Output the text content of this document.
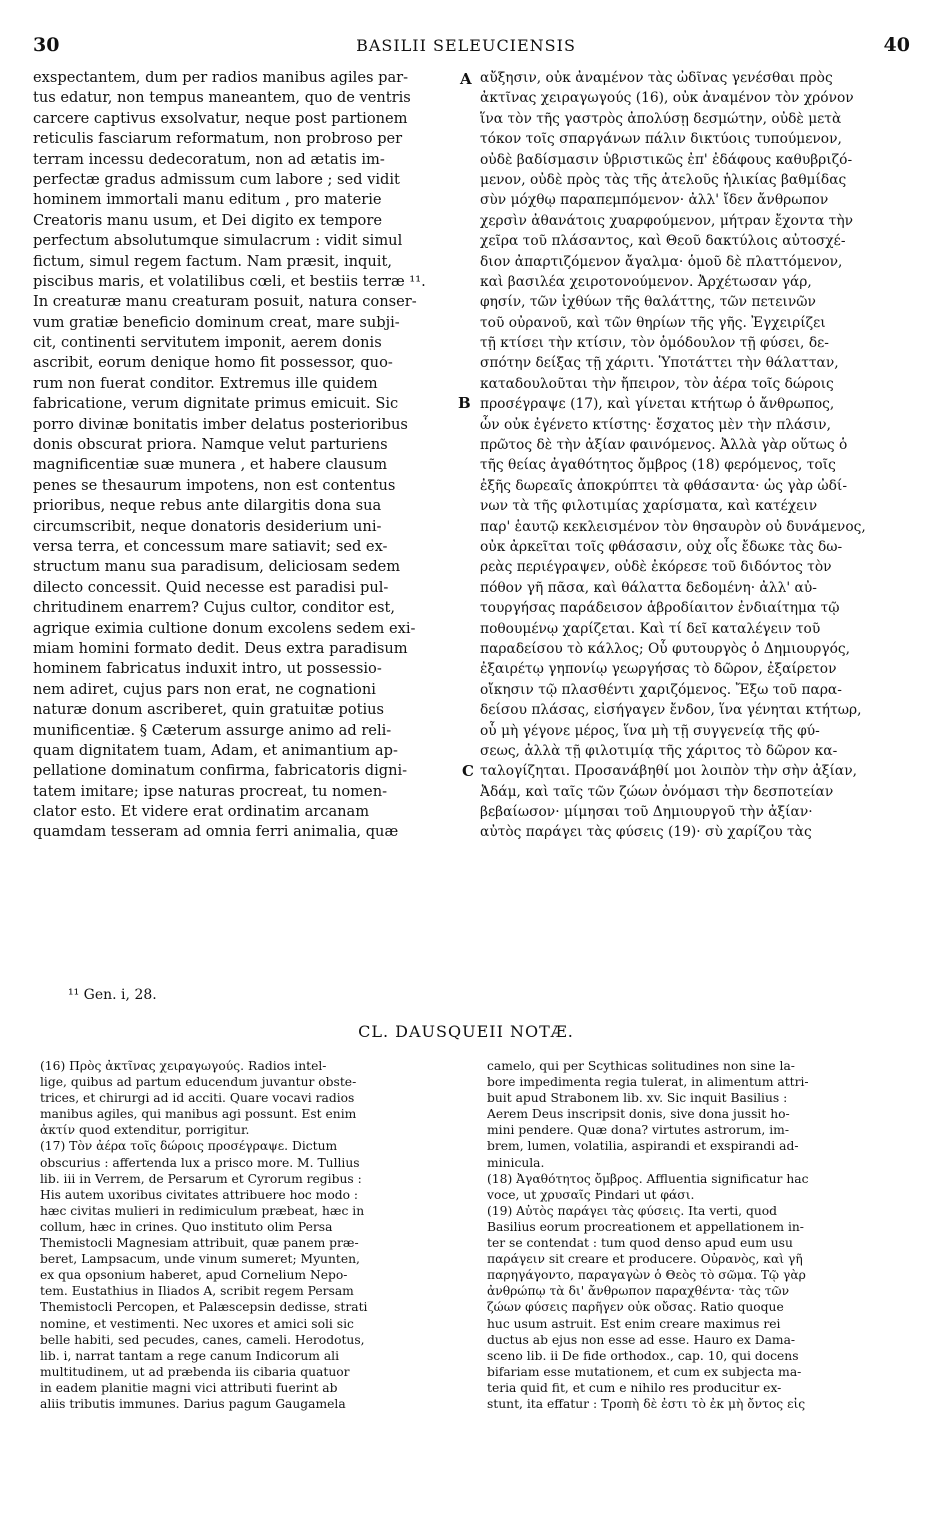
30	BASILII SELEUCIENSIS	40
exspectantem, dum per radios manibus agiles par-
tus edatur, non tempus maneantem, quo de ventris
carcere captivus exsolvatur, neque post partionem
reticulis fasciarum reformatum, non probroso per
terram incessu dedecoratum, non ad ætatis im-
perfectæ gradus admissum cum labore ; sed vidit
hominem immortali manu editum , pro materie
Creatoris manu usum, et Dei digito ex tempore
perfectum absolutumque simulacrum : vidit simul
fictum, simul regem factum. Nam præsit, inquit,
piscibus maris, et volatilibus cœli, et bestiis terræ ¹¹.
In creaturæ manu creaturam posuit, natura conser-
vum gratiæ beneficio dominum creat, mare subji-
cit, continenti servitutem imponit, aerem donis
ascribit, eorum denique homo fit possessor, quo-
rum non fuerat conditor. Extremus ille quidem
fabricatione, verum dignitate primus emicuit. Sic
porro divinæ bonitatis imber delatus posterioribus
donis obscurat priora. Namque velut parturiens
magnificentiæ suæ munera , et habere clausum
penes se thesaurum impotens, non est contentus
prioribus, neque rebus ante dilargitis dona sua
circumscribit, neque donatoris desiderium uni-
versa terra, et concessum mare satiavit; sed ex-
structum manu sua paradisum, deliciosam sedem
dilecto concessit. Quid necesse est paradisi pul-
chritudinem enarrem? Cujus cultor, conditor est,
agrique eximia cultione donum excolens sedem exi-
miam homini formato dedit. Deus extra paradisum
hominem fabricatus induxit intro, ut possessio-
nem adiret, cujus pars non erat, ne cognationi
naturæ donum ascriberet, quin gratuitæ potius
munificentiæ. § Cæterum assurge animo ad reli-
quam dignitatem tuam, Adam, et animantium ap-
pellatione dominatum confirma, fabricatoris digni-
tatem imitare; ipse naturas procreat, tu nomen-
clator esto. Et videre erat ordinatim arcanam
quamdam tesseram ad omnia ferri animalia, quæ
αὔξησιν, οὐκ ἀναμένον τὰς ὠδῖνας γενέσθαι πρὸς
ἀκτῖνας χειραγωγούς (16), οὐκ ἀναμένον τὸν χρόνον
ἵνα τὸν τῆς γαστρὸς ἀπολύσῃ δεσμώτην, οὐδὲ μετὰ
τόκον τοῖς σπαργάνων πάλιν δικτύοις τυπούμενον,
οὐδὲ βαδίσμασιν ὑβριστικῶς ἐπ' ἐδάφους καθυβριζό-
μενον, οὐδὲ πρὸς τὰς τῆς ἀτελοῦς ἡλικίας βαθμίδας
σὺν μόχθῳ παραπεμπόμενον· ἀλλ' ἴδεν ἄνθρωπον
χερσὶν ἀθανάτοις χυαρφούμενον, μήτραν ἔχοντα τὴν
χεῖρα τοῦ πλάσαντος, καὶ Θεοῦ δακτύλοις αὐτοσχέ-
διον ἀπαρτιζόμενον ἄγαλμα· ὁμοῦ δὲ πλαττόμενον,
καὶ βασιλέα χειροτονούμενον. Ἀρχέτωσαν γάρ,
φησίν, τῶν ἰχθύων τῆς θαλάττης, τῶν πετεινῶν
τοῦ οὐρανοῦ, καὶ τῶν θηρίων τῆς γῆς. Ἐγχειρίζει
τῇ κτίσει τὴν κτίσιν, τὸν ὁμόδουλον τῇ φύσει, δε-
σπότην δείξας τῇ χάριτι. Ὑποτάττει τὴν θάλατταν,
καταδουλοῦται τὴν ἤπειρον, τὸν ἀέρα τοῖς δώροις
προσέγραψε (17), καὶ γίνεται κτήτωρ ὁ ἄνθρωπος,
ὧν οὐκ ἐγένετο κτίστης· ἔσχατος μὲν τὴν πλάσιν,
πρῶτος δὲ τὴν ἀξίαν φαινόμενος. Ἀλλὰ γὰρ οὕτως ὁ
τῆς θείας ἀγαθότητος ὄμβρος (18) φερόμενος, τοῖς
ἐξῆς δωρεαῖς ἀποκρύπτει τὰ φθάσαντα· ὡς γὰρ ὠδί-
νων τὰ τῆς φιλοτιμίας χαρίσματα, καὶ κατέχειν
παρ' ἑαυτῷ κεκλεισμένον τὸν θησαυρὸν οὐ δυνάμενος,
οὐκ ἀρκεῖται τοῖς φθάσασιν, οὐχ οἷς ἔδωκε τὰς δω-
ρεὰς περιέγραψεν, οὐδὲ ἐκόρεσε τοῦ διδόντος τὸν
πόθον γῆ πᾶσα, καὶ θάλαττα δεδομένη· ἀλλ' αὐ-
τουργήσας παράδεισον ἁβροδίαιτον ἐνδιαίτημα τῷ
ποθουμένῳ χαρίζεται. Καὶ τί δεῖ καταλέγειν τοῦ
παραδείσου τὸ κάλλος; Οὗ φυτουργὸς ὁ Δημιουργός,
ἐξαιρέτῳ γηπονίῳ γεωργήσας τὸ δῶρον, ἐξαίρετον
οἴκησιν τῷ πλασθέντι χαριζόμενος. Ἔξω τοῦ παρα-
δείσου πλάσας, εἰσήγαγεν ἔνδον, ἵνα γένηται κτήτωρ,
οὗ μὴ γέγονε μέρος, ἵνα μὴ τῇ συγγενείᾳ τῆς φύ-
σεως, ἀλλὰ τῇ φιλοτιμίᾳ τῆς χάριτος τὸ δῶρον κα-
ταλογίζηται. Προσανάβηθί μοι λοιπὸν τὴν σὴν ἀξίαν,
Ἀδάμ, καὶ ταῖς τῶν ζώων ὀνόμασι τὴν δεσποτείαν
βεβαίωσον· μίμησαι τοῦ Δημιουργοῦ τὴν ἀξίαν·
αὐτὸς παράγει τὰς φύσεις (19)· σὺ χαρίζου τὰς
A
B
C
¹¹ Gen. i, 28.
CL. DAUSQUEII NOTÆ.
(16) Πρὸς ἀκτῖνας χειραγωγούς. Radios intel-
lige, quibus ad partum educendum juvantur obste-
trices, et chirurgi ad id acciti. Quare vocavi radios
manibus agiles, qui manibus agi possunt. Est enim
ἀκτίν quod extenditur, porrigitur.
(17) Τὸν ἀέρα τοῖς δώροις προσέγραψε. Dictum
obscurius : affertenda lux a prisco more. M. Tullius
lib. iii in Verrem, de Persarum et Cyrorum regibus :
His autem uxoribus civitates attribuere hoc modo :
hæc civitas mulieri in redimiculum præbeat, hæc in
collum, hæc in crines. Quo instituto olim Persa
Themistocli Magnesiam attribuit, quæ panem præ-
beret, Lampsacum, unde vinum sumeret; Myunten,
ex qua opsonium haberet, apud Cornelium Nepo-
tem. Eustathius in Iliados A, scribit regem Persam
Themistocli Percopen, et Palæscepsin dedisse, strati
nomine, et vestimenti. Nec uxores et amici soli sic
belle habiti, sed pecudes, canes, cameli. Herodotus,
lib. i, narrat tantam a rege canum Indicorum ali
multitudinem, ut ad præbenda iis cibaria quatuor
in eadem planitie magni vici attributi fuerint ab
aliis tributis immunes. Darius pagum Gaugamela
camelo, qui per Scythicas solitudines non sine la-
bore impedimenta regia tulerat, in alimentum attri-
buit apud Strabonem lib. xv. Sic inquit Basilius :
Aerem Deus inscripsit donis, sive dona jussit ho-
mini pendere. Quæ dona? virtutes astrorum, im-
brem, lumen, volatilia, aspirandi et exspirandi ad-
minicula.
(18) Ἀγαθότητος ὄμβρος. Affluentia significatur hac
voce, ut χρυσαῖς Pindari ut φάσι.
(19) Αὐτὸς παράγει τὰς φύσεις. Ita verti, quod
Basilius eorum procreationem et appellationem in-
ter se contendat : tum quod denso apud eum usu
παράγειν sit creare et producere. Οὐρανὸς, καὶ γῆ
παρηγάγοντο, παραγαγὼν ὁ Θεὸς τὸ σῶμα. Τῷ γὰρ
ἀνθρώπῳ τὰ δι' ἄνθρωπον παραχθέντα· τὰς τῶν
ζώων φύσεις παρῆγεν οὐκ οὔσας. Ratio quoque
huc usum astruit. Est enim creare maximus rei
ductus ab ejus non esse ad esse. Hauro ex Dama-
sceno lib. ii De fide orthodox., cap. 10, qui docens
bifariam esse mutationem, et cum ex subjecta ma-
teria quid fit, et cum e nihilo res producitur ex-
stunt, ita effatur : Τροπὴ δὲ ἐστι τὸ ἐκ μὴ ὄντος εἰς
